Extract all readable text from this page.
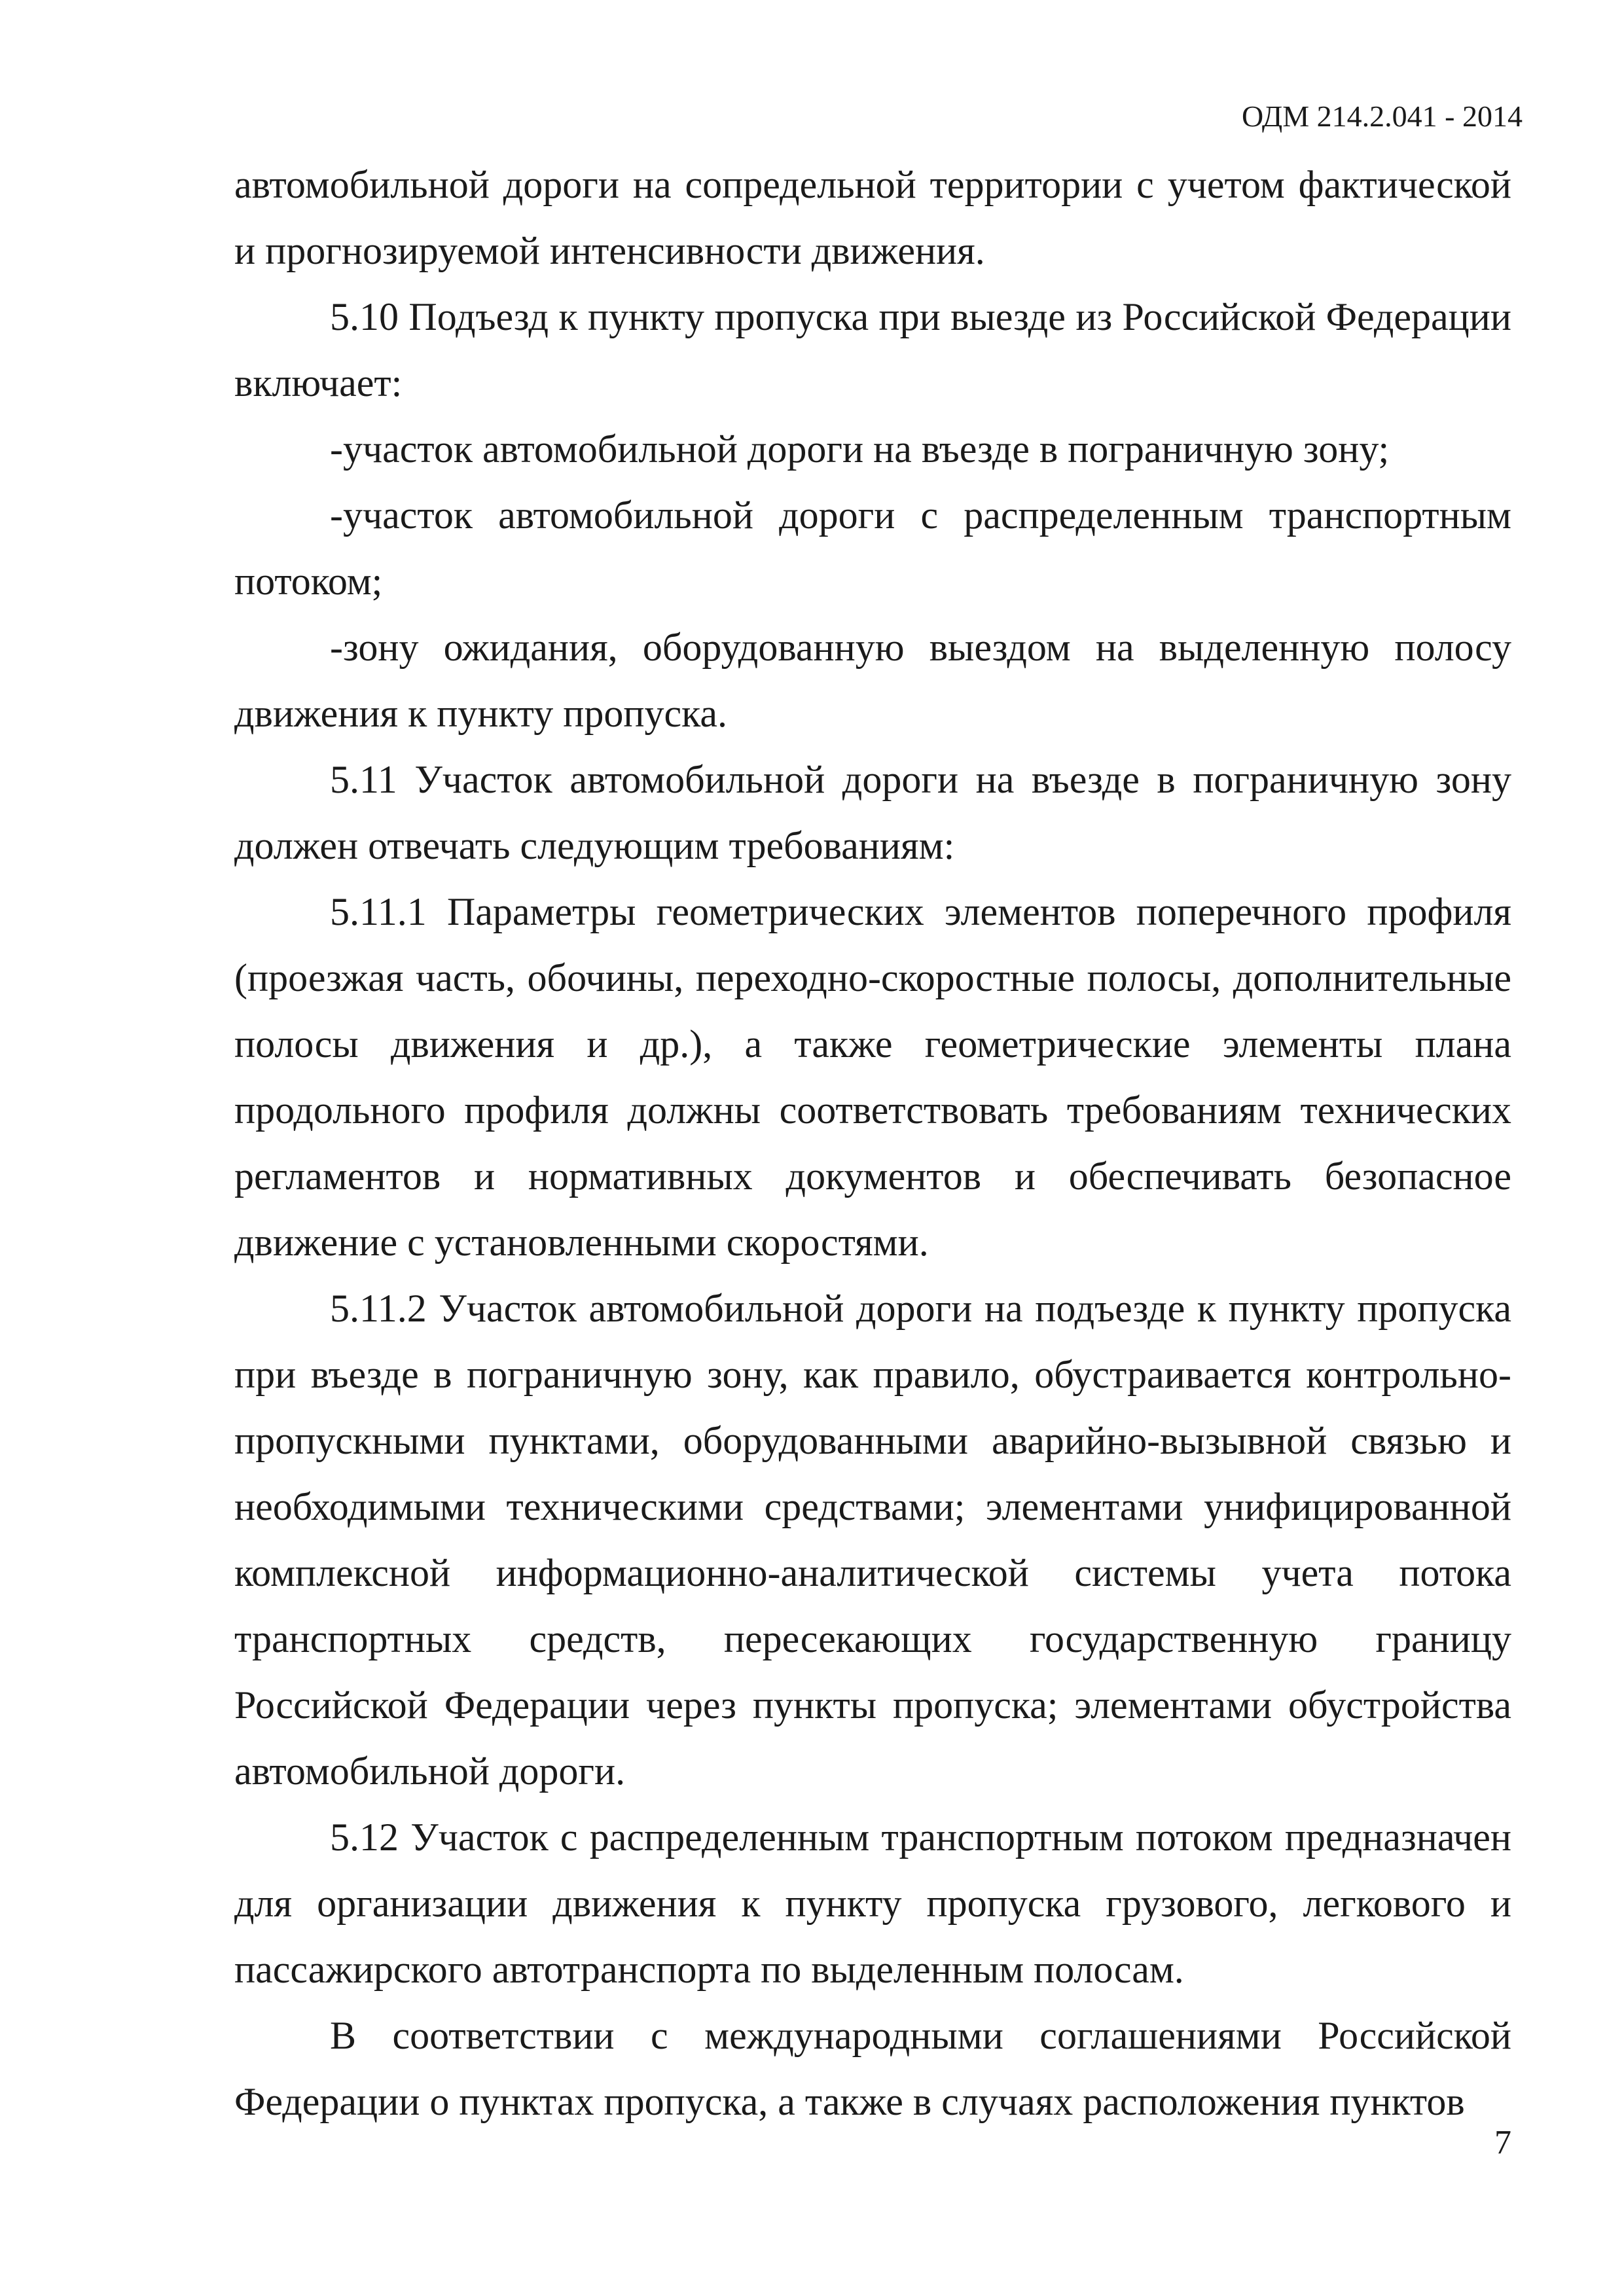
ОДМ 214.2.041 - 2014

автомобильной дороги на сопредельной территории с учетом фактической и прогнозируемой интенсивности движения.

5.10 Подъезд к пункту пропуска при выезде из Российской Федерации включает:

-участок автомобильной дороги на въезде в пограничную зону;

-участок автомобильной дороги с распределенным транспортным потоком;

-зону ожидания, оборудованную выездом на выделенную полосу движения к пункту пропуска.

5.11 Участок автомобильной дороги на въезде в пограничную зону должен отвечать следующим требованиям:

5.11.1 Параметры геометрических элементов поперечного профиля (проезжая часть, обочины, переходно-скоростные полосы, дополнительные полосы движения и др.), а также геометрические элементы плана продольного профиля должны соответствовать требованиям технических регламентов и нормативных документов и обеспечивать безопасное движение с установленными скоростями.

5.11.2 Участок автомобильной дороги на подъезде к пункту пропуска при въезде в пограничную зону, как правило, обустраивается контрольно-пропускными пунктами, оборудованными аварийно-вызывной связью и необходимыми техническими средствами; элементами унифицированной комплексной информационно-аналитической системы учета потока транспортных средств, пересекающих государственную границу Российской Федерации через пункты пропуска; элементами обустройства автомобильной дороги.

5.12 Участок с распределенным транспортным потоком предназначен для организации движения к пункту пропуска грузового, легкового и пассажирского автотранспорта по выделенным полосам.

В соответствии с международными соглашениями Российской Федерации о пунктах пропуска, а также в случаях расположения пунктов

7
